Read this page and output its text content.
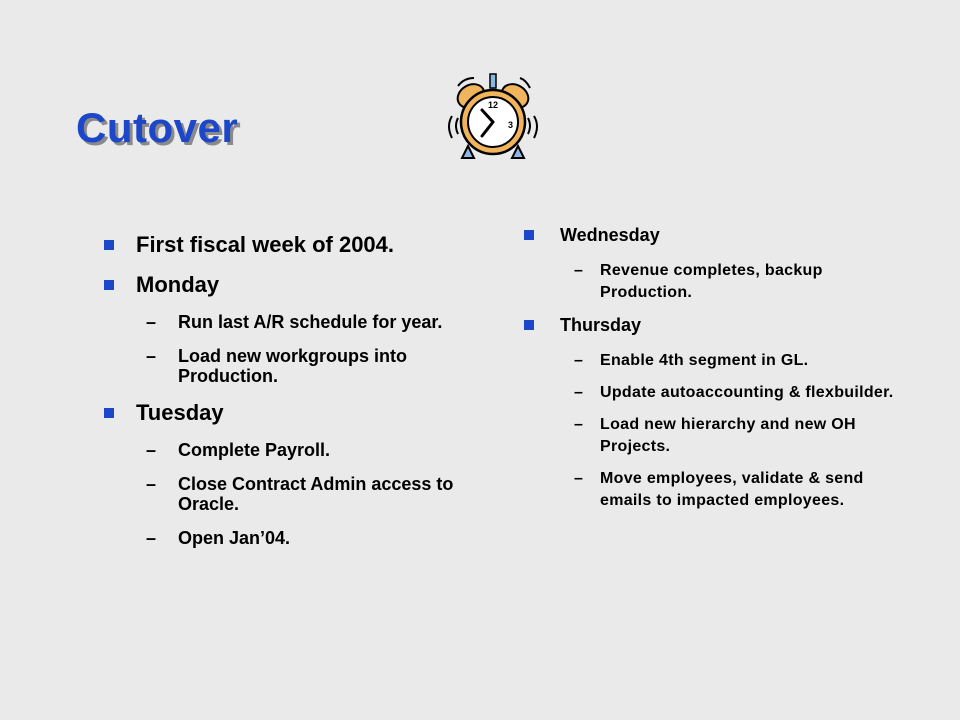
Cutover	12
3
First fiscal week of 2004.
Monday
– Run last A/R schedule for year.
– Load new workgroups into Production.
Tuesday
– Complete Payroll.
– Close Contract Admin access to Oracle.
– Open Jan’04.
Wednesday
– Revenue completes, backup Production.
Thursday
– Enable 4th segment in GL.
– Update autoaccounting & flexbuilder.
– Load new hierarchy and new OH Projects.
– Move employees, validate & send emails to impacted employees.
